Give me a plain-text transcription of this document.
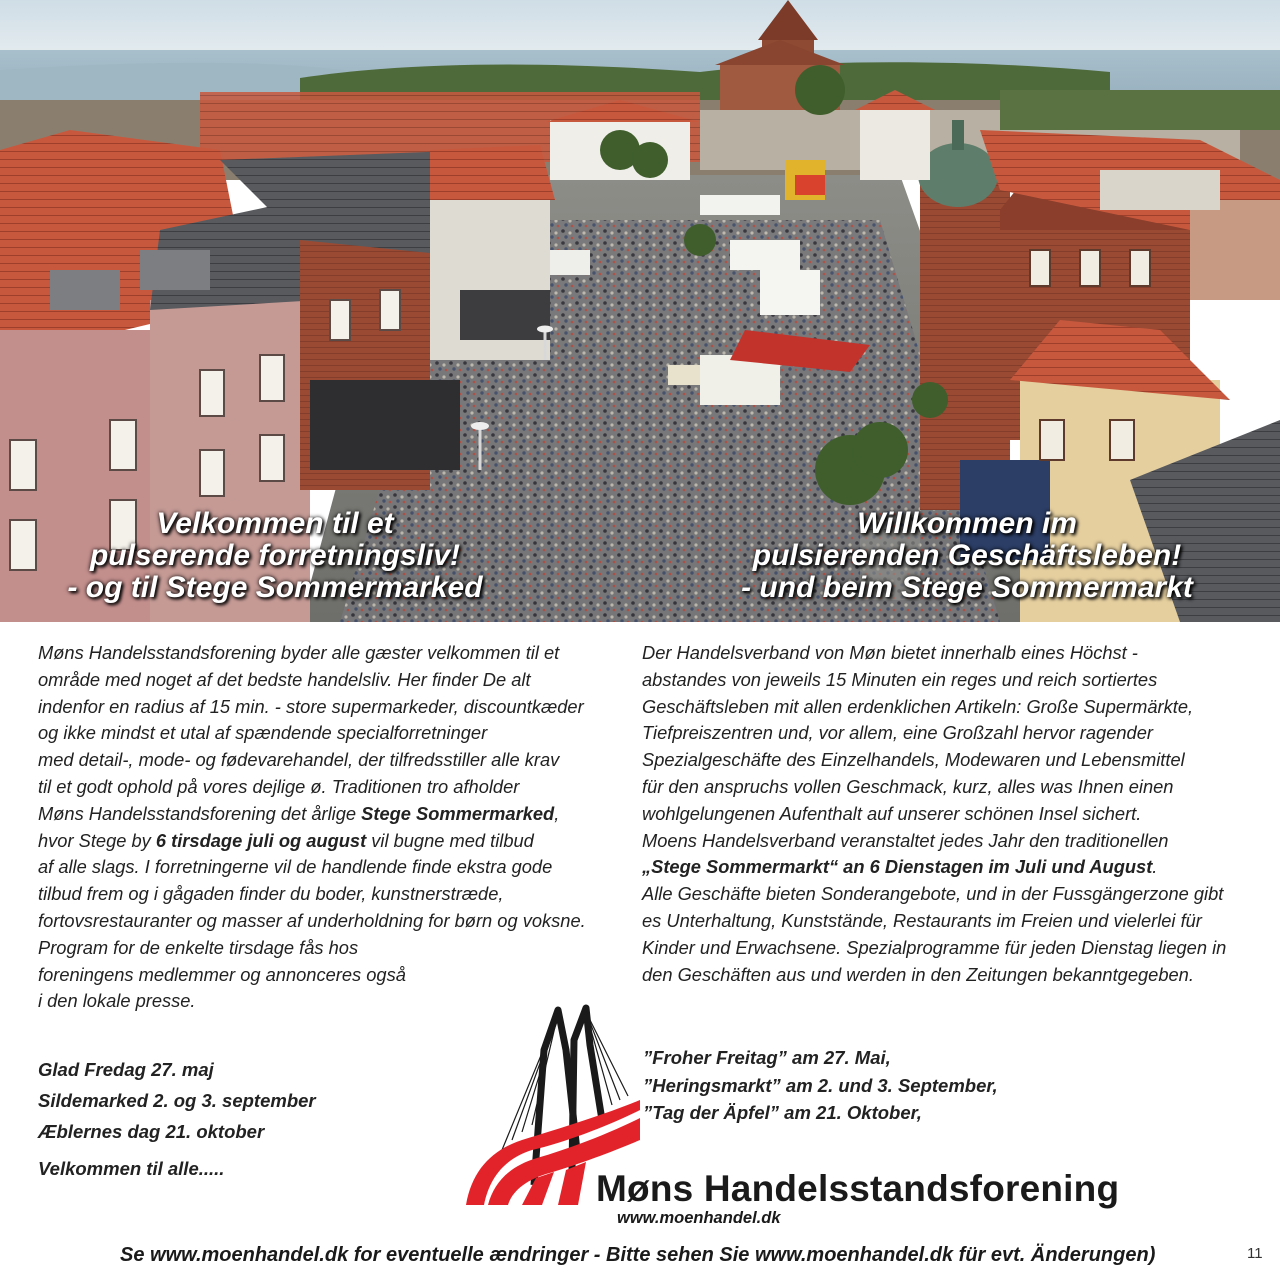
Velkommen til et
pulserende forretningsliv!
- og til Stege Sommermarked
Willkommen im
pulsierenden Geschäftsleben!
- und beim Stege Sommermarkt
Møns Handelsstandsforening byder alle gæster velkommen til et
område med noget af det bedste handelsliv. Her finder De alt
indenfor en radius af 15 min. - store supermarkeder, discountkæder
og ikke mindst et utal af spændende specialforretninger
med detail-, mode- og fødevarehandel, der tilfredsstiller alle krav
til et godt ophold på vores dejlige ø. Traditionen tro afholder
Møns Handelsstandsforening det årlige Stege Sommermarked,
hvor Stege by 6 tirsdage juli og august vil bugne med tilbud
af alle slags. I forretningerne vil de handlende finde ekstra gode
tilbud frem og i gågaden finder du boder, kunstnerstræde,
fortovsrestauranter og masser af underholdning for børn og voksne.
Program for de enkelte tirsdage fås hos
foreningens medlemmer og annonceres også
i den lokale presse.
Glad Fredag 27. maj
Sildemarked 2. og 3. september
Æblernes dag 21. oktober
Velkommen til alle.....
Der Handelsverband von Møn bietet innerhalb eines Höchst -
abstandes von jeweils 15 Minuten ein reges und reich sortiertes
Geschäftsleben mit allen erdenklichen Artikeln: Große Supermärkte,
Tiefpreiszentren und, vor allem, eine Großzahl hervor ragender
Spezialgeschäfte des Einzelhandels, Modewaren und Lebensmittel
für den anspruchs vollen Geschmack, kurz, alles was Ihnen einen
wohlgelungenen Aufenthalt auf unserer schönen Insel sichert.
Moens Handelsverband veranstaltet jedes Jahr den traditionellen
„Stege Sommermarkt“ an 6 Dienstagen im Juli und August.
Alle Geschäfte bieten Sonderangebote, und in der Fussgängerzone gibt
es Unterhaltung, Kunststände, Restaurants im Freien und vielerlei für
Kinder und Erwachsene. Spezialprogramme für jeden Dienstag liegen in
den Geschäften aus und werden in den Zeitungen bekanntgegeben.
”Froher Freitag” am 27. Mai,
”Heringsmarkt” am 2. und 3. September,
”Tag der Äpfel” am 21. Oktober,
Møns Handelsstandsforening
www.moenhandel.dk
Se www.moenhandel.dk for eventuelle ændringer - Bitte sehen Sie www.moenhandel.dk für evt. Änderungen)	11
